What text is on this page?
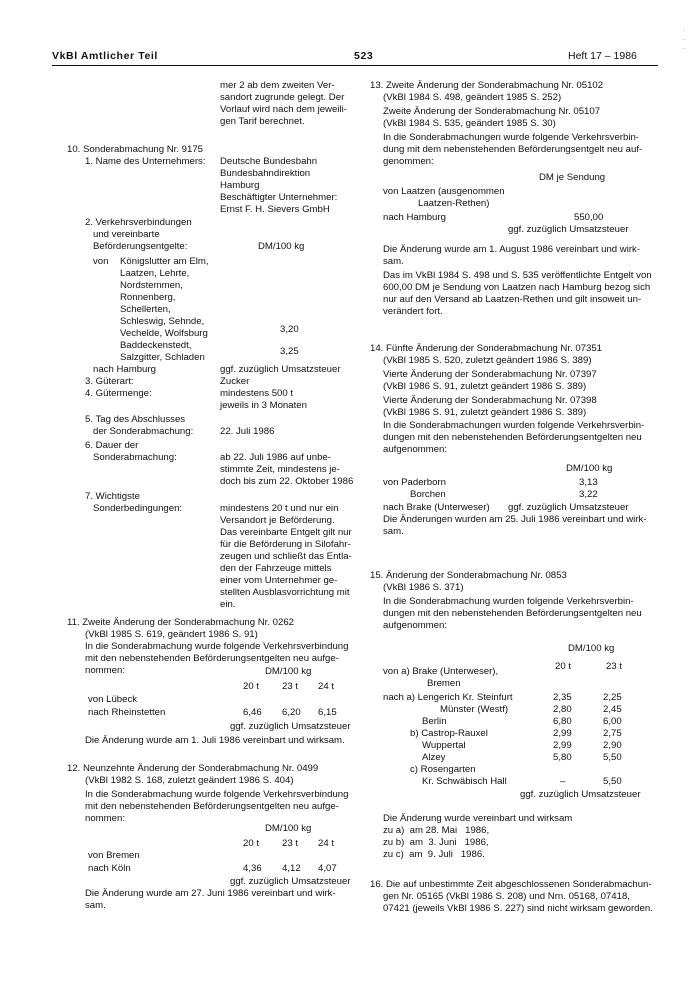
VkBl Amtlicher Teil	523	Heft 17 – 1986
·
·
·
mer 2 ab dem zweiten Ver-
sandort zugrunde gelegt. Der
Vorlauf wird nach dem jeweili-
gen Tarif berechnet.
10. Sonderabmachung Nr. 9175
1. Name des Unternehmers: Deutsche Bundesbahn
Bundesbahndirektion
Hamburg
Beschäftigter Unternehmer:
Ernst F. H. Sievers GmbH
2. Verkehrsverbindungen
und vereinbarte
Beförderungsentgelte:	DM/100 kg
von Königslutter am Elm,
Laatzen, Lehrte,
Nordstemmen,
Ronnenberg,
Schellerten,
Schleswig, Sehnde,
Vechelde, Wolfsburg	3,20
Baddeckenstedt,
Salzgitter, Schladen
3,25
nach Hamburg	ggf. zuzüglich Umsatzsteuer
3. Güterart:	Zucker
4. Gütermenge:	mindestens 500 t
jeweils in 3 Monaten
5. Tag des Abschlusses
der Sonderabmachung:	22. Juli 1986
6. Dauer der
Sonderabmachung:	ab 22. Juli 1986 auf unbe-
stimmte Zeit, mindestens je-
doch bis zum 22. Oktober 1986
7. Wichtigste
Sonderbedingungen:	mindestens 20 t und nur ein
Versandort je Beförderung.
Das vereinbarte Entgelt gilt nur
für die Beförderung in Silofahr-
zeugen und schließt das Entla-
den der Fahrzeuge mittels
einer vom Unternehmer ge-
stellten Ausblasvorrichtung mit
ein.
11. Zweite Änderung der Sonderabmachung Nr. 0262
(VkBl 1985 S. 619, geändert 1986 S. 91)
In die Sonderabmachung wurde folgende Verkehrsverbindung
mit den nebenstehenden Beförderungsentgelten neu aufge-
nommen:	DM/100 kg
20 t 23 t 24 t
von Lübeck
nach Rheinstetten	6,46 6,20 6,15
ggf. zuzüglich Umsatzsteuer
Die Änderung wurde am 1. Juli 1986 vereinbart und wirksam.
12. Neunzehnte Änderung der Sonderabmachung Nr. 0499
(VkBl 1982 S. 168, zuletzt geändert 1986 S. 404)
In die Sonderabmachung wurde folgende Verkehrsverbindung
mit den nebenstehenden Beförderungsentgelten neu aufge-
nommen:
DM/100 kg
20 t 23 t 24 t
von Bremen
nach Köln	4,36 4,12 4,07
ggf. zuzüglich Umsatzsteuer
Die Änderung wurde am 27. Juni 1986 vereinbart und wirk-
sam.
13. Zweite Änderung der Sonderabmachung Nr. 05102
(VkBl 1984 S. 498, geändert 1985 S. 252)
Zweite Änderung der Sonderabmachung Nr. 05107
(VkBl 1984 S. 535, geändert 1985 S. 30)
In die Sonderabmachungen wurde folgende Verkehrsverbin-
dung mit dem nebenstehenden Beförderungsentgelt neu auf-
genommen:
DM je Sendung
von Laatzen (ausgenommen
Laatzen-Rethen)
nach Hamburg	550,00
ggf. zuzüglich Umsatzsteuer
Die Änderung wurde am 1. August 1986 vereinbart und wirk-
sam.
Das im VkBl 1984 S. 498 und S. 535 veröffentlichte Entgelt von
600,00 DM je Sendung von Laatzen nach Hamburg bezog sich
nur auf den Versand ab Laatzen-Rethen und gilt insoweit un-
verändert fort.
14. Fünfte Änderung der Sonderabmachung Nr. 07351
(VkBl 1985 S. 520, zuletzt geändert 1986 S. 389)
Vierte Änderung der Sonderabmachung Nr. 07397
(VkBl 1986 S. 91, zuletzt geändert 1986 S. 389)
Vierte Änderung der Sonderabmachung Nr. 07398
(VkBl 1986 S. 91, zuletzt geändert 1986 S. 389)
In die Sonderabmachungen wurden folgende Verkehrsverbin-
dungen mit den nebenstehenden Beförderungsentgelten neu
aufgenommen:
DM/100 kg
von Paderborn	3,13
Borchen	3,22
nach Brake (Unterweser) ggf. zuzüglich Umsatzsteuer
Die Änderungen wurden am 25. Juli 1986 vereinbart und wirk-
sam.
15. Änderung der Sonderabmachung Nr. 0853
(VkBl 1986 S. 371)
In die Sonderabmachung wurden folgende Verkehrsverbin-
dungen mit den nebenstehenden Beförderungsentgelten neu
aufgenommen:
DM/100 kg
20 t	23 t
von a) Brake (Unterweser),
Bremen
nach a) Lengerich Kr. Steinfurt	2,35	2,25
Münster (Westf)	2,80	2,45
Berlin	6,80	6,00
b) Castrop-Rauxel	2,99	2,75
Wuppertal	2,99	2,90
Alzey	5,80	5,50
c) Rosengarten
Kr. Schwäbisch Hall	–	5,50
ggf. zuzüglich Umsatzsteuer
Die Änderung wurde vereinbart und wirksam
zu a)  am 28. Mai   1986,
zu b)  am  3. Juni   1986,
zu c)  am  9. Juli   1986.
16. Die auf unbestimmte Zeit abgeschlossenen Sonderabmachun-
gen Nr. 05165 (VkBl 1986 S. 208) und Nrn. 05168, 07418,
07421 (jeweils VkBl 1986 S. 227) sind nicht wirksam geworden.
